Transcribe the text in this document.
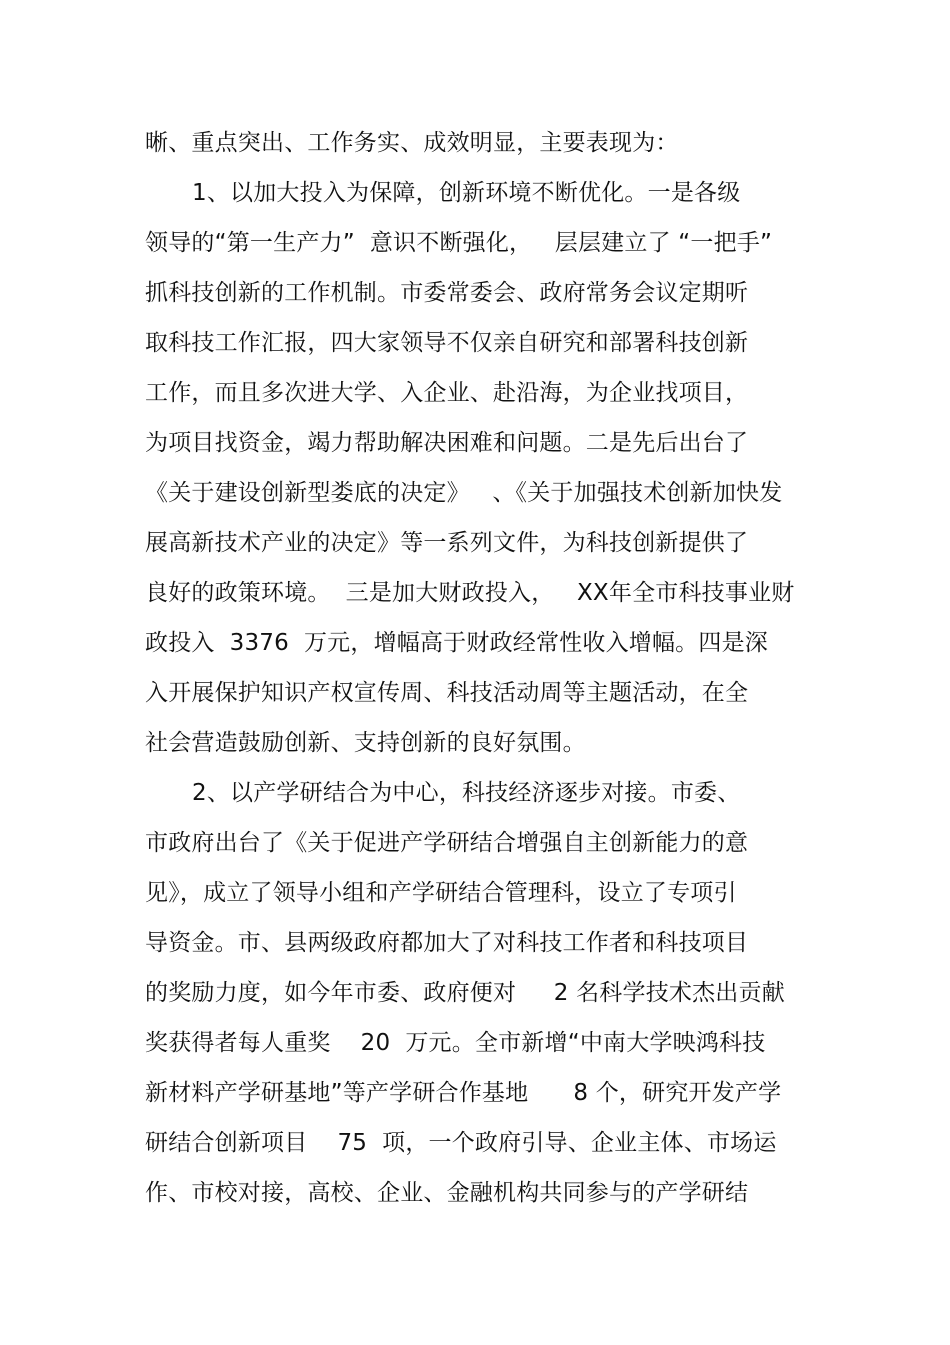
晰、重点突出、工作务实、成效明显，主要表现为：
1、以加大投入为保障，创新环境不断优化。一是各级
领导的“第一生产力”  意识不断强化，   层层建立了 “一把手”
抓科技创新的工作机制。市委常委会、政府常务会议定期听
取科技工作汇报，四大家领导不仅亲自研究和部署科技创新
工作，而且多次进大学、入企业、赴沿海，为企业找项目，
为项目找资金，竭力帮助解决困难和问题。二是先后出台了
《关于建设创新型娄底的决定》   、《关于加强技术创新加快发
展高新技术产业的决定》等一系列文件，为科技创新提供了
良好的政策环境。  三是加大财政投入，   XX年全市科技事业财
政投入  3376  万元，增幅高于财政经常性收入增幅。四是深
入开展保护知识产权宣传周、科技活动周等主题活动，在全
社会营造鼓励创新、支持创新的良好氛围。
2、以产学研结合为中心，科技经济逐步对接。市委、
市政府出台了《关于促进产学研结合增强自主创新能力的意
见》，成立了领导小组和产学研结合管理科，设立了专项引
导资金。市、县两级政府都加大了对科技工作者和科技项目
的奖励力度，如今年市委、政府便对     2 名科学技术杰出贡献
奖获得者每人重奖    20  万元。全市新增“中南大学映鸿科技
新材料产学研基地”等产学研合作基地      8 个，研究开发产学
研结合创新项目    75  项，一个政府引导、企业主体、市场运
作、市校对接，高校、企业、金融机构共同参与的产学研结
